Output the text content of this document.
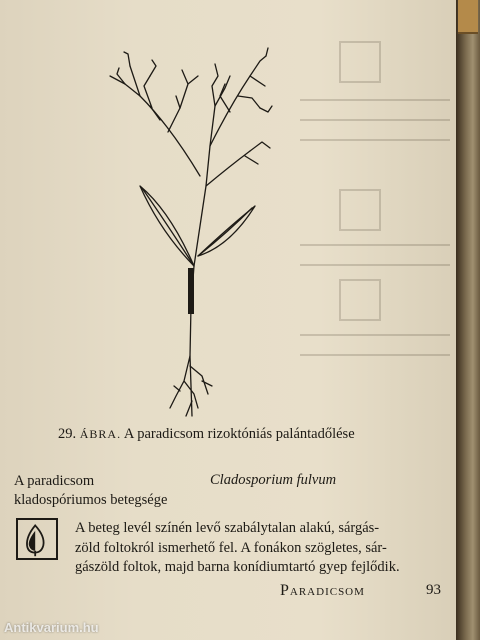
29. ÁBRA. A paradicsom rizoktóniás palántadőlése
A paradicsom
kladospóriumos betegsége
Cladosporium fulvum
A beteg levél színén levő szabálytalan alakú, sárgás-
zöld foltokról ismerhető fel. A fonákon szögletes, sár-
gászöld foltok, majd barna konídiumtartó gyep fejlődik.
Paradicsom	93
Antikvarium.hu
